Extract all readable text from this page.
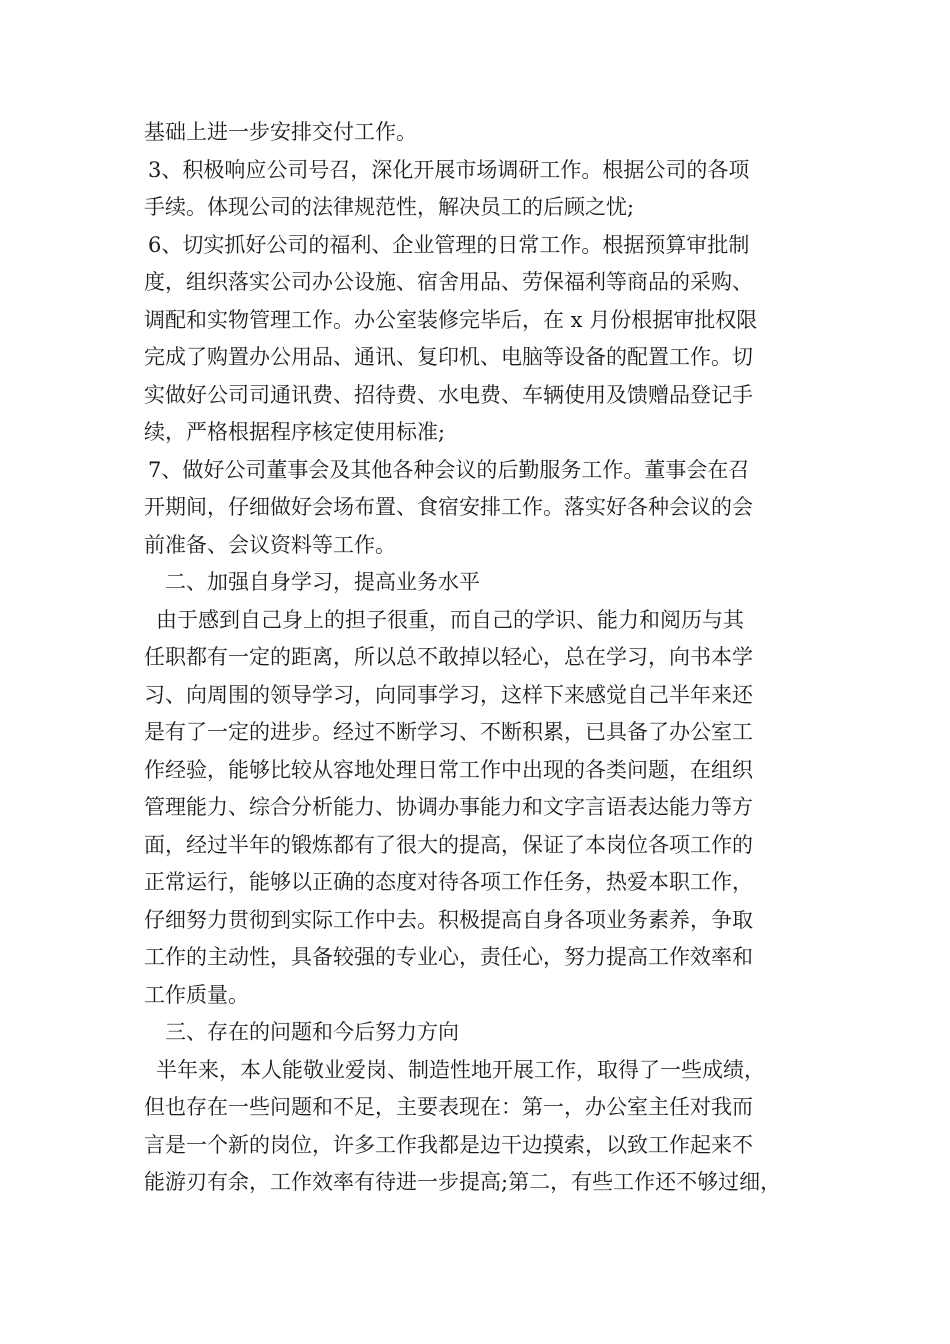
基础上进一步安排交付工作。
3、积极响应公司号召，深化开展市场调研工作。根据公司的各项
手续。体现公司的法律规范性，解决员工的后顾之忧;
6、切实抓好公司的福利、企业管理的日常工作。根据预算审批制
度，组织落实公司办公设施、宿舍用品、劳保福利等商品的采购、
调配和实物管理工作。办公室装修完毕后，在 x 月份根据审批权限
完成了购置办公用品、通讯、复印机、电脑等设备的配置工作。切
实做好公司司通讯费、招待费、水电费、车辆使用及馈赠品登记手
续，严格根据程序核定使用标准;
7、做好公司董事会及其他各种会议的后勤服务工作。董事会在召
开期间，仔细做好会场布置、食宿安排工作。落实好各种会议的会
前准备、会议资料等工作。
二、加强自身学习，提高业务水平
由于感到自己身上的担子很重，而自己的学识、能力和阅历与其
任职都有一定的距离，所以总不敢掉以轻心，总在学习，向书本学
习、向周围的领导学习，向同事学习，这样下来感觉自己半年来还
是有了一定的进步。经过不断学习、不断积累，已具备了办公室工
作经验，能够比较从容地处理日常工作中出现的各类问题，在组织
管理能力、综合分析能力、协调办事能力和文字言语表达能力等方
面，经过半年的锻炼都有了很大的提高，保证了本岗位各项工作的
正常运行，能够以正确的态度对待各项工作任务，热爱本职工作，
仔细努力贯彻到实际工作中去。积极提高自身各项业务素养，争取
工作的主动性，具备较强的专业心，责任心，努力提高工作效率和
工作质量。
三、存在的问题和今后努力方向
半年来，本人能敬业爱岗、制造性地开展工作，取得了一些成绩，
但也存在一些问题和不足，主要表现在：第一，办公室主任对我而
言是一个新的岗位，许多工作我都是边干边摸索，以致工作起来不
能游刃有余，工作效率有待进一步提高;第二，有些工作还不够过细，
